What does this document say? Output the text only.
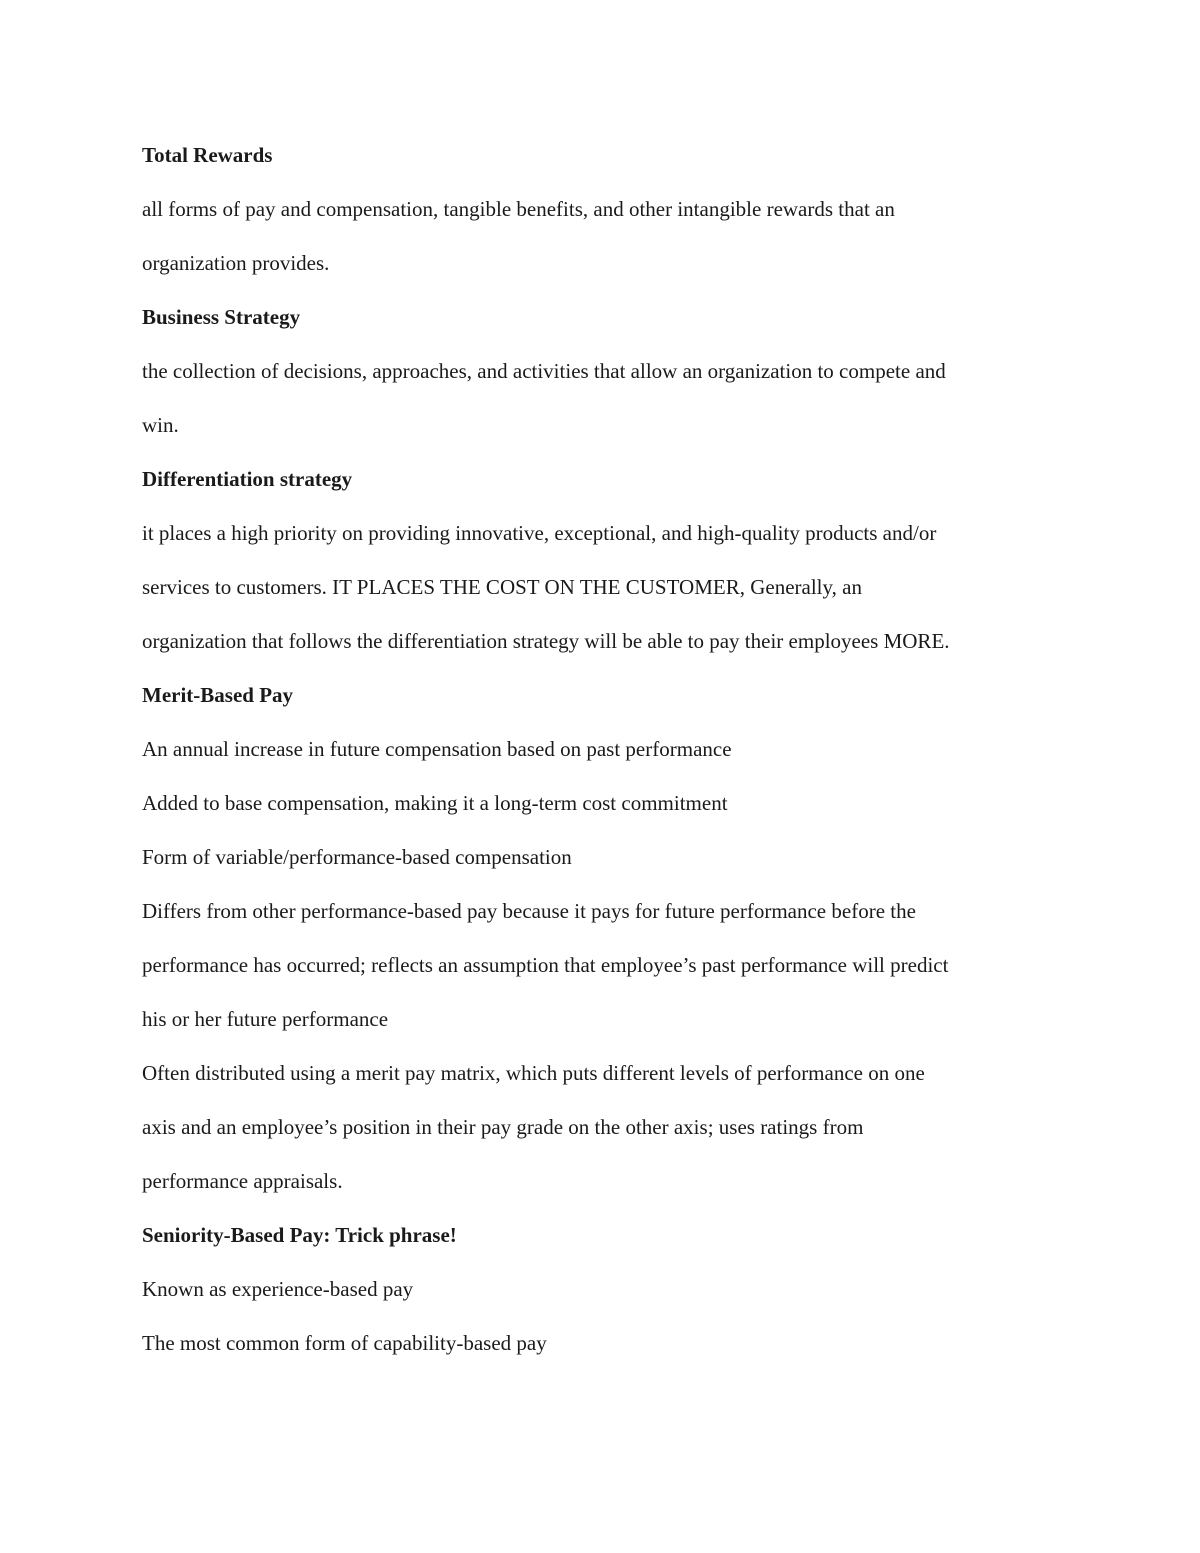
Total Rewards

all forms of pay and compensation, tangible benefits, and other intangible rewards that an

organization provides.

Business Strategy

the collection of decisions, approaches, and activities that allow an organization to compete and

win.

Differentiation strategy

it places a high priority on providing innovative, exceptional, and high-quality products and/or

services to customers. IT PLACES THE COST ON THE CUSTOMER, Generally, an

organization that follows the differentiation strategy will be able to pay their employees MORE.

Merit-Based Pay

An annual increase in future compensation based on past performance

Added to base compensation, making it a long-term cost commitment

Form of variable/performance-based compensation

Differs from other performance-based pay because it pays for future performance before the

performance has occurred; reflects an assumption that employee’s past performance will predict

his or her future performance

Often distributed using a merit pay matrix, which puts different levels of performance on one

axis and an employee’s position in their pay grade on the other axis; uses ratings from

performance appraisals.

Seniority-Based Pay: Trick phrase!

Known as experience-based pay

The most common form of capability-based pay
